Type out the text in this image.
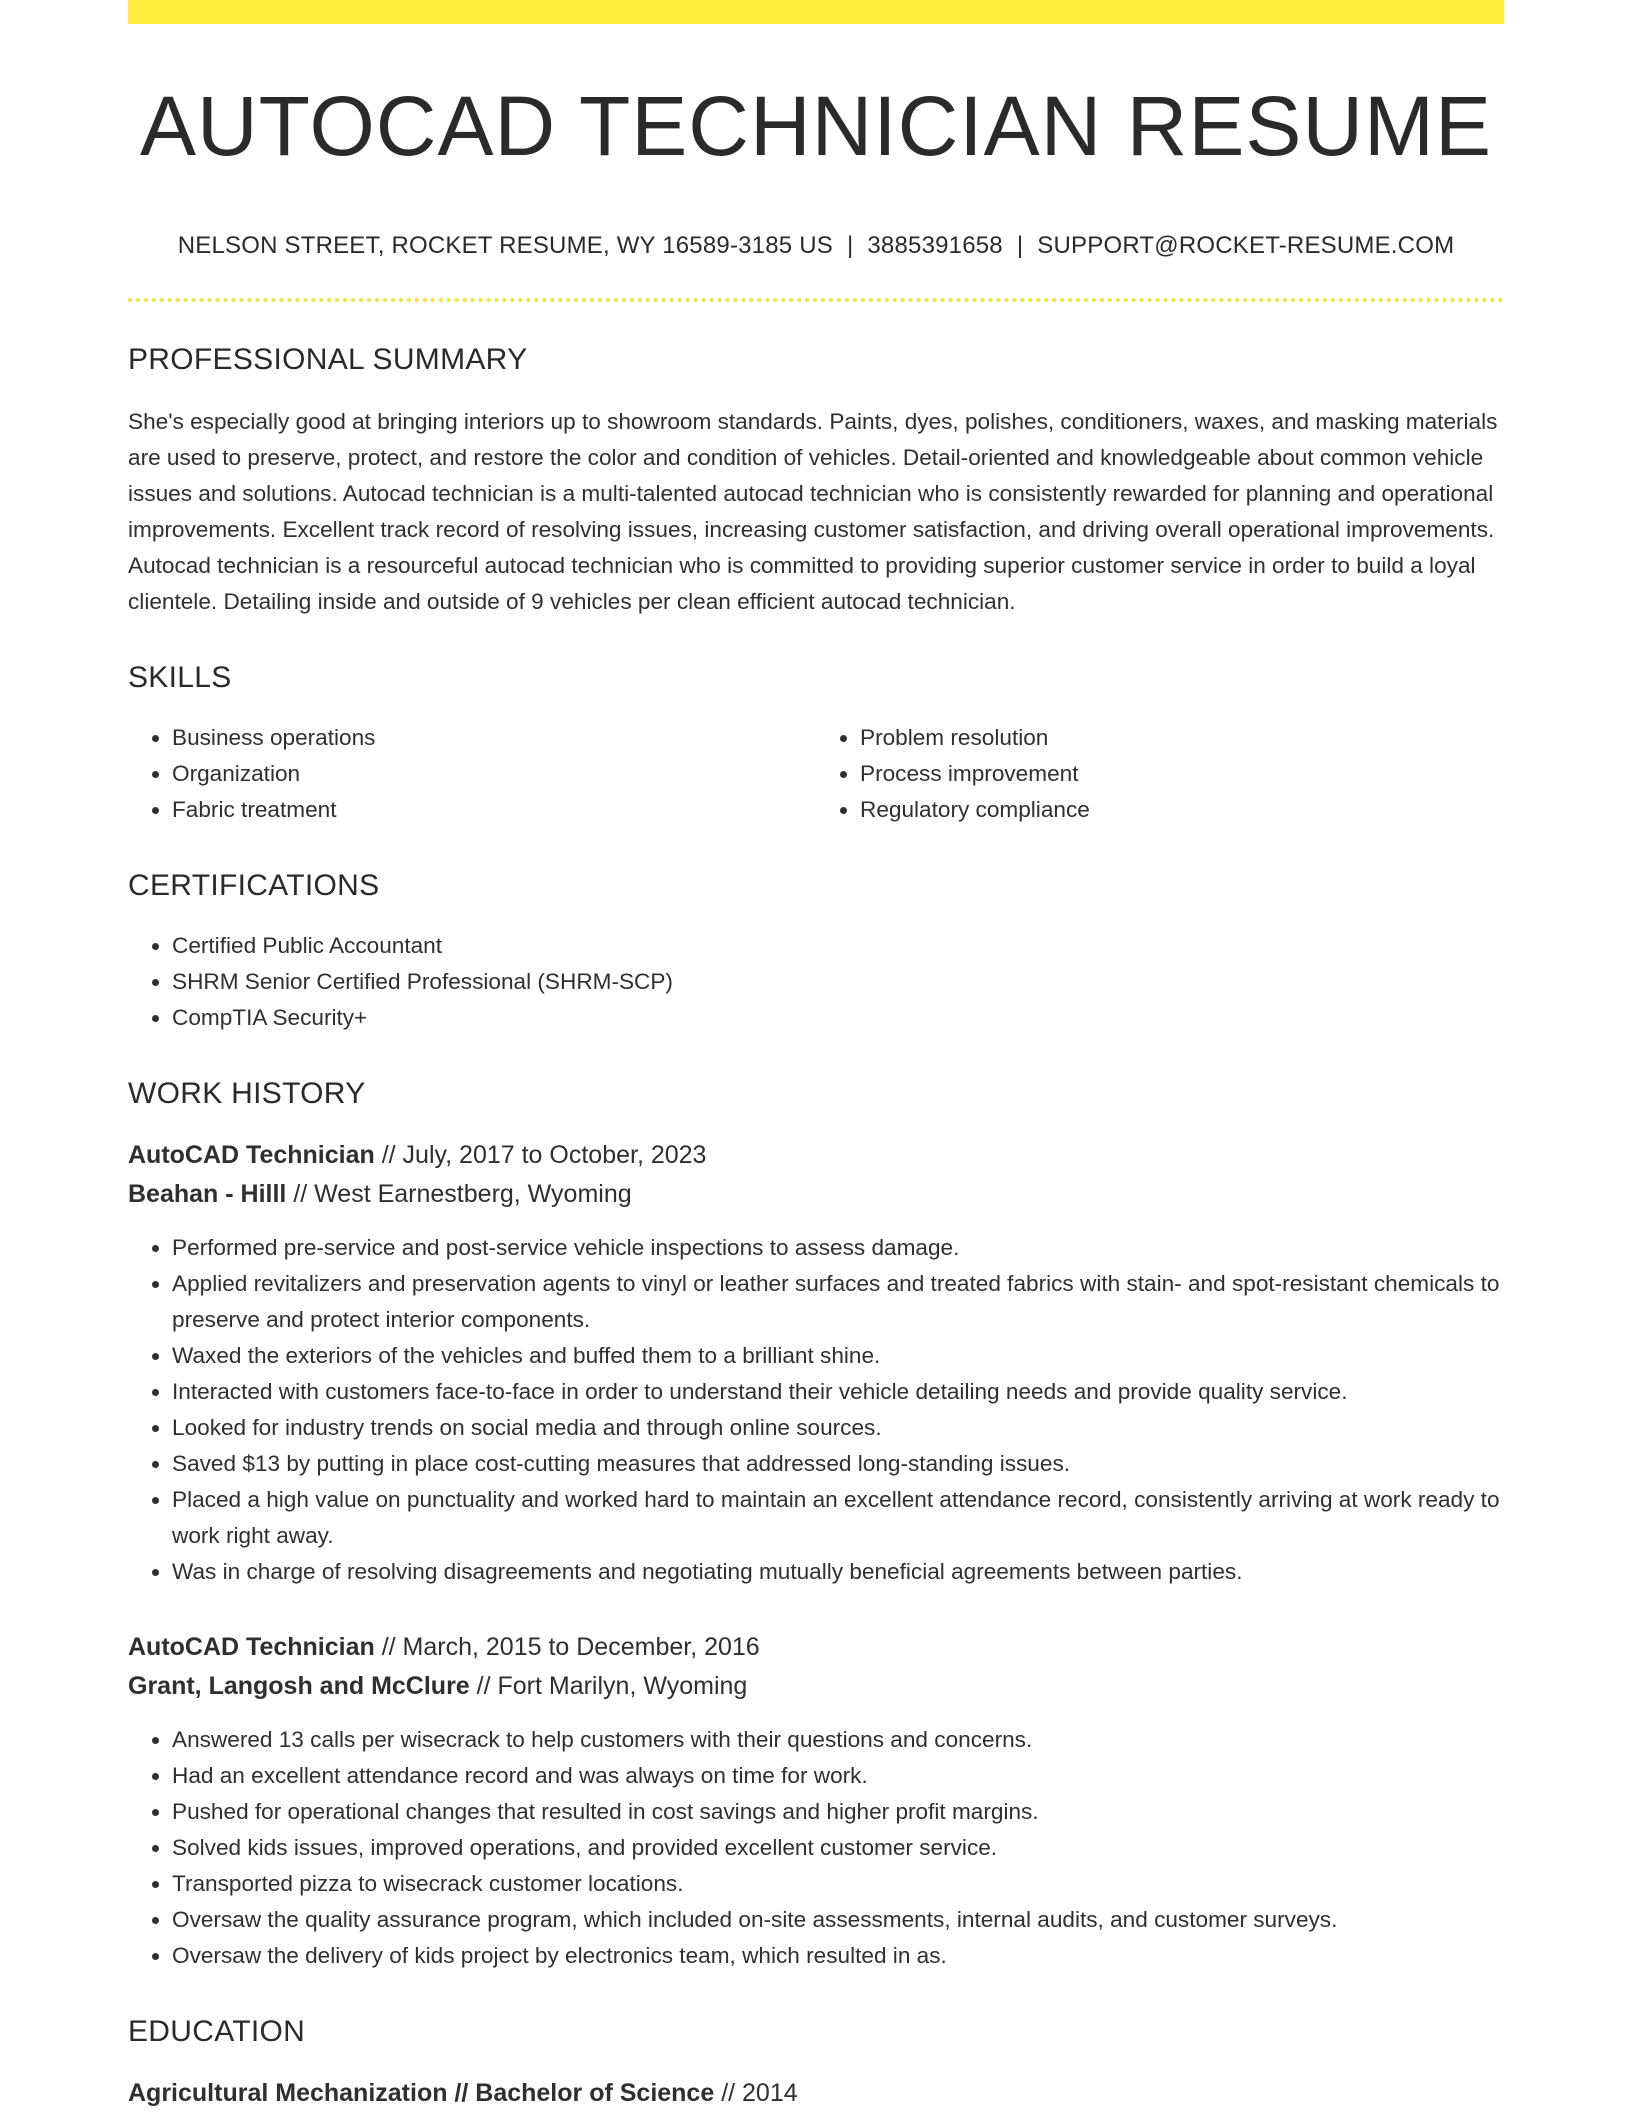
AUTOCAD TECHNICIAN RESUME
NELSON STREET, ROCKET RESUME, WY 16589-3185 US | 3885391658 | SUPPORT@ROCKET-RESUME.COM
PROFESSIONAL SUMMARY
She's especially good at bringing interiors up to showroom standards. Paints, dyes, polishes, conditioners, waxes, and masking materials are used to preserve, protect, and restore the color and condition of vehicles. Detail-oriented and knowledgeable about common vehicle issues and solutions. Autocad technician is a multi-talented autocad technician who is consistently rewarded for planning and operational improvements. Excellent track record of resolving issues, increasing customer satisfaction, and driving overall operational improvements. Autocad technician is a resourceful autocad technician who is committed to providing superior customer service in order to build a loyal clientele. Detailing inside and outside of 9 vehicles per clean efficient autocad technician.
SKILLS
• Business operations
• Organization
• Fabric treatment
• Problem resolution
• Process improvement
• Regulatory compliance
CERTIFICATIONS
• Certified Public Accountant
• SHRM Senior Certified Professional (SHRM-SCP)
• CompTIA Security+
WORK HISTORY
AutoCAD Technician // July, 2017 to October, 2023
Beahan - Hilll // West Earnestberg, Wyoming
• Performed pre-service and post-service vehicle inspections to assess damage.
• Applied revitalizers and preservation agents to vinyl or leather surfaces and treated fabrics with stain- and spot-resistant chemicals to preserve and protect interior components.
• Waxed the exteriors of the vehicles and buffed them to a brilliant shine.
• Interacted with customers face-to-face in order to understand their vehicle detailing needs and provide quality service.
• Looked for industry trends on social media and through online sources.
• Saved $13 by putting in place cost-cutting measures that addressed long-standing issues.
• Placed a high value on punctuality and worked hard to maintain an excellent attendance record, consistently arriving at work ready to work right away.
• Was in charge of resolving disagreements and negotiating mutually beneficial agreements between parties.
AutoCAD Technician // March, 2015 to December, 2016
Grant, Langosh and McClure // Fort Marilyn, Wyoming
• Answered 13 calls per wisecrack to help customers with their questions and concerns.
• Had an excellent attendance record and was always on time for work.
• Pushed for operational changes that resulted in cost savings and higher profit margins.
• Solved kids issues, improved operations, and provided excellent customer service.
• Transported pizza to wisecrack customer locations.
• Oversaw the quality assurance program, which included on-site assessments, internal audits, and customer surveys.
• Oversaw the delivery of kids project by electronics team, which resulted in as.
EDUCATION
Agricultural Mechanization // Bachelor of Science // 2014
